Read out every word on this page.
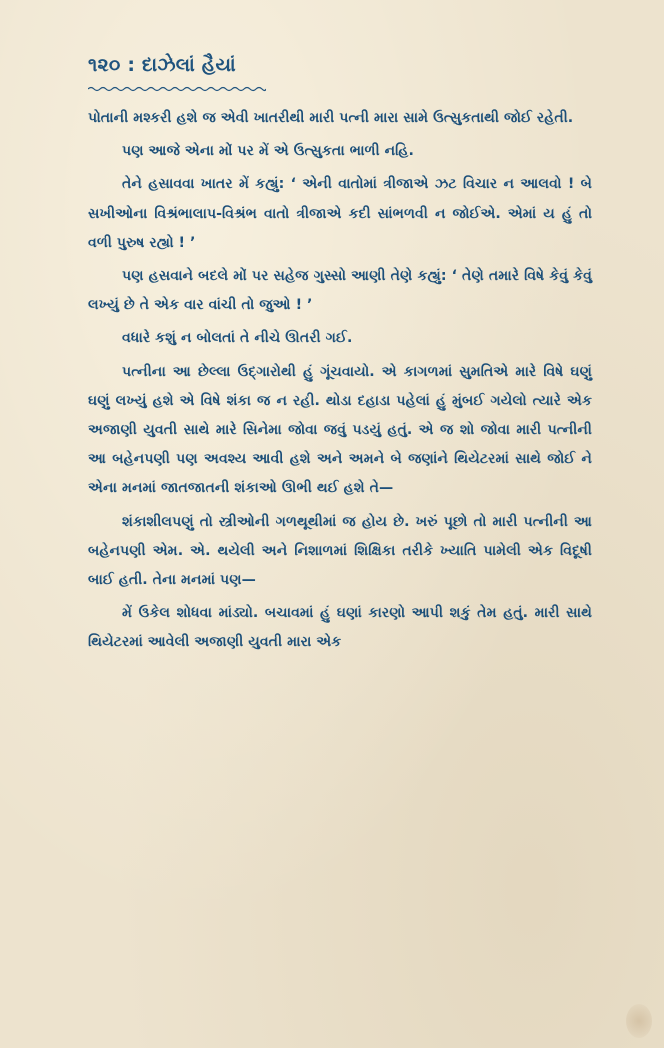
૧૨૦ : દાઝેલાં હૈયાં

પોતાની મશ્કરી હશે જ એવી ખાતરીથી મારી પત્ની મારા સામે ઉત્સુકતાથી જોઈ રહેતી.

પણ આજે એના મોં પર મેં એ ઉત્સુકતા ભાળી નહિ.

તેને હસાવવા ખાતર મેં કહ્યું: ‘ એની વાતોમાં ત્રીજાએ ઝટ વિચાર ન આલવો ! બે સખીઓના વિશ્રંભાલાપ-વિશ્રંભ વાતો ત્રીજાએ કદી સાંભળવી ન જોઈએ. એમાં ય હું તો વળી પુરુષ રહ્યો ! ’

પણ હસવાને બદલે મોં પર સહેજ ગુસ્સો આણી તેણે કહ્યું: ‘ તેણે તમારે વિષે કેવું કેવું લખ્યું છે તે એક વાર વાંચી તો જુઓ ! ’

વધારે કશું ન બોલતાં તે નીચે ઊતરી ગઈ.

પત્નીના આ છેલ્લા ઉદ્ગારોથી હું ગૂંચવાયો. એ કાગળમાં સુમતિએ મારે વિષે ઘણું ઘણું લખ્યું હશે એ વિષે શંકા જ ન રહી. થોડા દહાડા પહેલાં હું મુંબઈ ગયેલો ત્યારે એક અજાણી યુવતી સાથે મારે સિનેમા જોવા જવું પડયું હતું. એ જ શો જોવા મારી પત્નીની આ બહેનપણી પણ અવશ્ય આવી હશે અને અમને બે જણાંને થિયેટરમાં સાથે જોઈ ને એના મનમાં જાતજાતની શંકાઓ ઊભી થઈ હશે તે—

શંકાશીલપણું તો સ્ત્રીઓની ગળથૂથીમાં જ હોય છે. ખરું પૂછો તો મારી પત્નીની આ બહેનપણી એમ. એ. થયેલી અને નિશાળમાં શિક્ષિકા તરીકે ખ્યાતિ પામેલી એક વિદૂષી બાઈ હતી. તેના મનમાં પણ—

મેં ઉકેલ શોધવા માંડ્યો. બચાવમાં હું ઘણાં કારણો આપી શકું તેમ હતું. મારી સાથે થિયેટરમાં આવેલી અજાણી યુવતી મારા એક
